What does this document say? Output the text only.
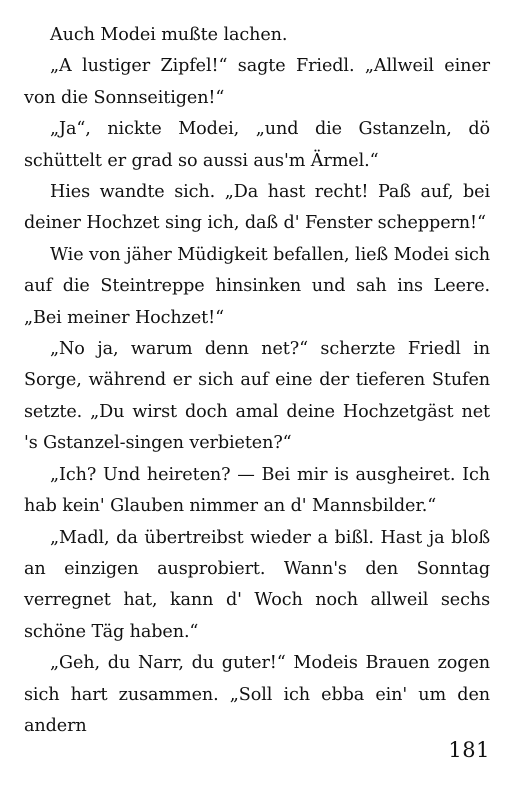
Auch Modei mußte lachen.

„A lustiger Zipfel!“ sagte Friedl. „Allweil einer von die Sonnseitigen!“

„Ja“, nickte Modei, „und die Gstanzeln, dö schüttelt er grad so aussi aus'm Ärmel.“

Hies wandte sich. „Da hast recht! Paß auf, bei deiner Hochzet sing ich, daß d' Fenster scheppern!“

Wie von jäher Müdigkeit befallen, ließ Modei sich auf die Steintreppe hinsinken und sah ins Leere. „Bei meiner Hochzet!“

„No ja, warum denn net?“ scherzte Friedl in Sorge, während er sich auf eine der tieferen Stufen setzte. „Du wirst doch amal deine Hochzetgäst net 's Gstanzel-singen verbieten?“

„Ich? Und heireten? — Bei mir is ausgheiret. Ich hab kein' Glauben nimmer an d' Mannsbilder.“

„Madl, da übertreibst wieder a bißl. Hast ja bloß an einzigen ausprobiert. Wann's den Sonntag verregnet hat, kann d' Woch noch allweil sechs schöne Täg haben.“

„Geh, du Narr, du guter!“ Modeis Brauen zogen sich hart zusammen. „Soll ich ebba ein' um den andern

181
